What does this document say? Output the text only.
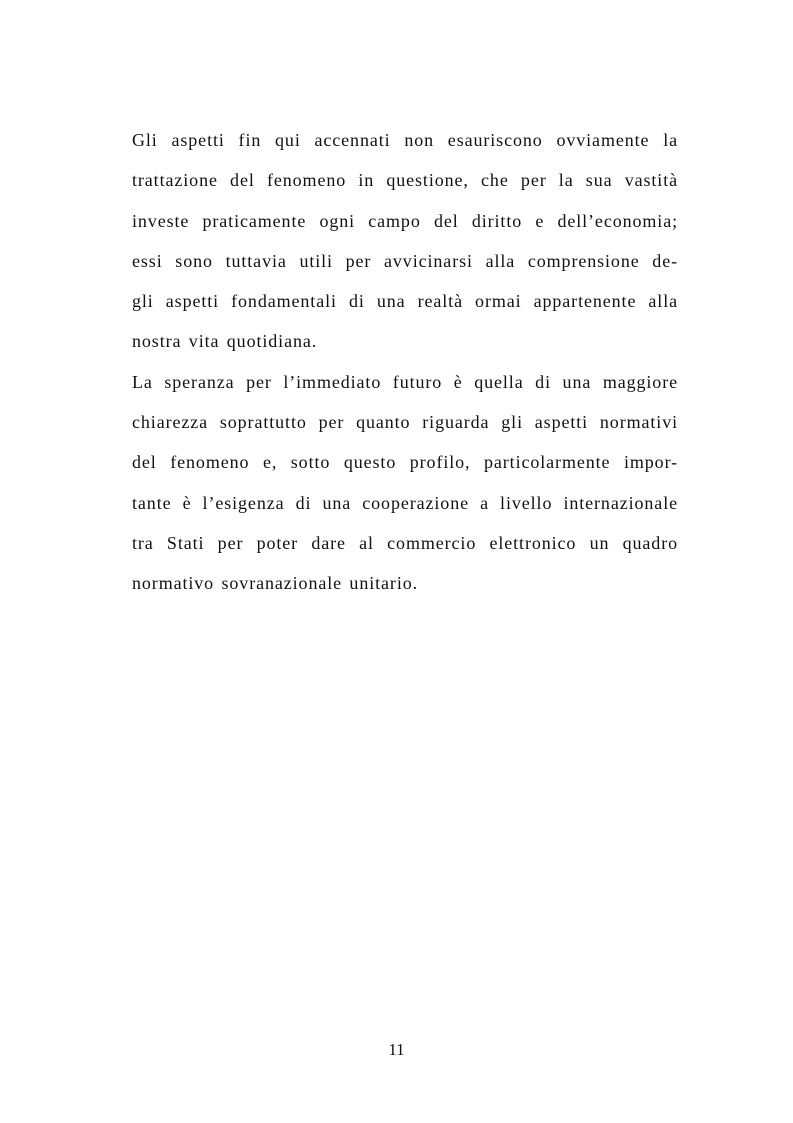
Gli aspetti fin qui accennati non esauriscono ovviamente la
trattazione del fenomeno in questione, che per la sua vastità
investe praticamente ogni campo del diritto e dell’economia;
essi sono tuttavia utili per avvicinarsi alla comprensione de-
gli aspetti fondamentali di una realtà ormai appartenente alla
nostra vita quotidiana.
La speranza per l’immediato futuro è quella di una maggiore
chiarezza soprattutto per quanto riguarda gli aspetti normativi
del fenomeno e, sotto questo profilo, particolarmente impor-
tante è l’esigenza di una cooperazione a livello internazionale
tra Stati per poter dare al commercio elettronico un quadro
normativo sovranazionale unitario.
11
